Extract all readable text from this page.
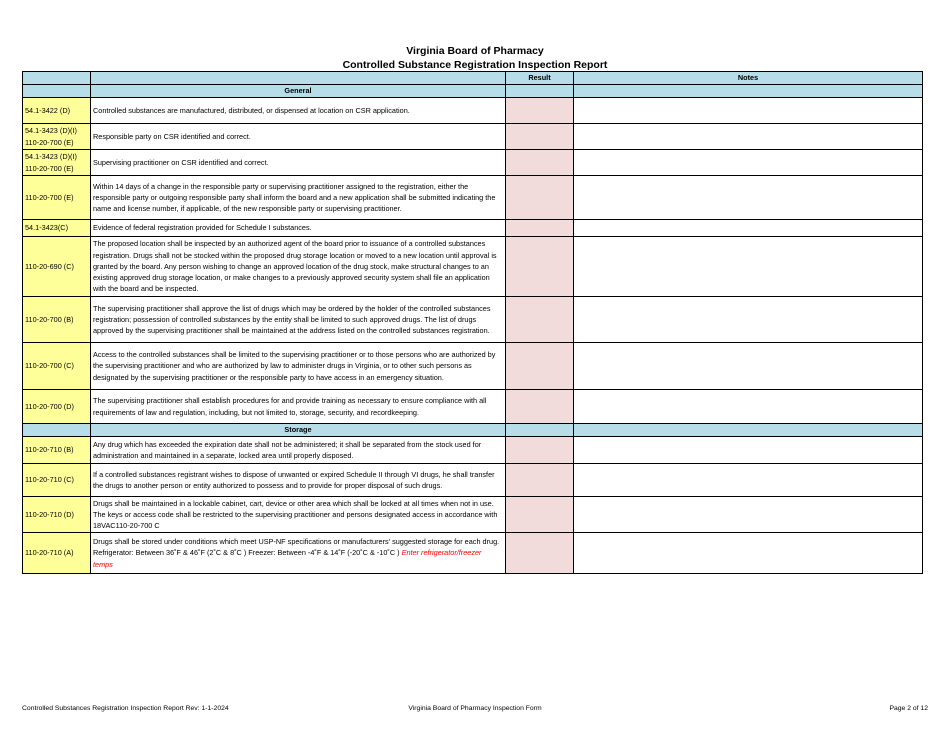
Virginia Board of Pharmacy
Controlled Substance Registration Inspection Report
		Result	Notes
	General		
54.1-3422 (D)	Controlled substances are manufactured, distributed, or dispensed at location on CSR application.		
54.1-3423 (D)(I) 110-20-700 (E)	Responsible party on CSR identified and correct.		
54.1-3423 (D)(I) 110-20-700 (E)	Supervising practitioner on CSR identified and correct.		
110-20-700 (E)	Within 14 days of a change in the responsible party or supervising practitioner assigned to the registration, either the responsible party or outgoing responsible party shall inform the board and a new application shall be submitted indicating the name and license number, if applicable, of the new responsible party or supervising practitioner.		
54.1-3423(C)	Evidence of federal registration provided for Schedule I substances.		
110-20-690 (C)	The proposed location shall be inspected by an authorized agent of the board prior to issuance of a controlled substances registration. Drugs shall not be stocked within the proposed drug storage location or moved to a new location until approval is granted by the board. Any person wishing to change an approved location of the drug stock, make structural changes to an existing approved drug storage location, or make changes to a previously approved security system shall file an application with the board and be inspected.		
110-20-700 (B)	The supervising practitioner shall approve the list of drugs which may be ordered by the holder of the controlled substances registration; possession of controlled substances by the entity shall be limited to such approved drugs. The list of drugs approved by the supervising practitioner shall be maintained at the address listed on the controlled substances registration.		
110-20-700 (C)	Access to the controlled substances shall be limited to the supervising practitioner or to those persons who are authorized by the supervising practitioner and who are authorized by law to administer drugs in Virginia, or to other such persons as designated by the supervising practitioner or the responsible party to have access in an emergency situation.		
110-20-700 (D)	The supervising practitioner shall establish procedures for and provide training as necessary to ensure compliance with all requirements of law and regulation, including, but not limited to, storage, security, and recordkeeping.		
	Storage		
110-20-710 (B)	Any drug which has exceeded the expiration date shall not be administered; it shall be separated from the stock used for administration and maintained in a separate, locked area until properly disposed.		
110-20-710 (C)	If a controlled substances registrant wishes to dispose of unwanted or expired Schedule II through VI drugs, he shall transfer the drugs to another person or entity authorized to possess and to provide for proper disposal of such drugs.		
110-20-710 (D)	Drugs shall be maintained in a lockable cabinet, cart, device or other area which shall be locked at all times when not in use. The keys or access code shall be restricted to the supervising practitioner and persons designated access in accordance with 18VAC110-20-700 C		
110-20-710 (A)	Drugs shall be stored under conditions which meet USP-NF specifications or manufacturers' suggested storage for each drug. Refrigerator: Between 36˚F & 46˚F (2˚C & 8˚C ) Freezer: Between -4˚F & 14˚F (-20˚C & -10˚C ) Enter refrigerator/freezer temps		
Controlled Substances Registration Inspection Report Rev: 1-1-2024	Virginia Board of Pharmacy Inspection Form	Page 2 of 12
